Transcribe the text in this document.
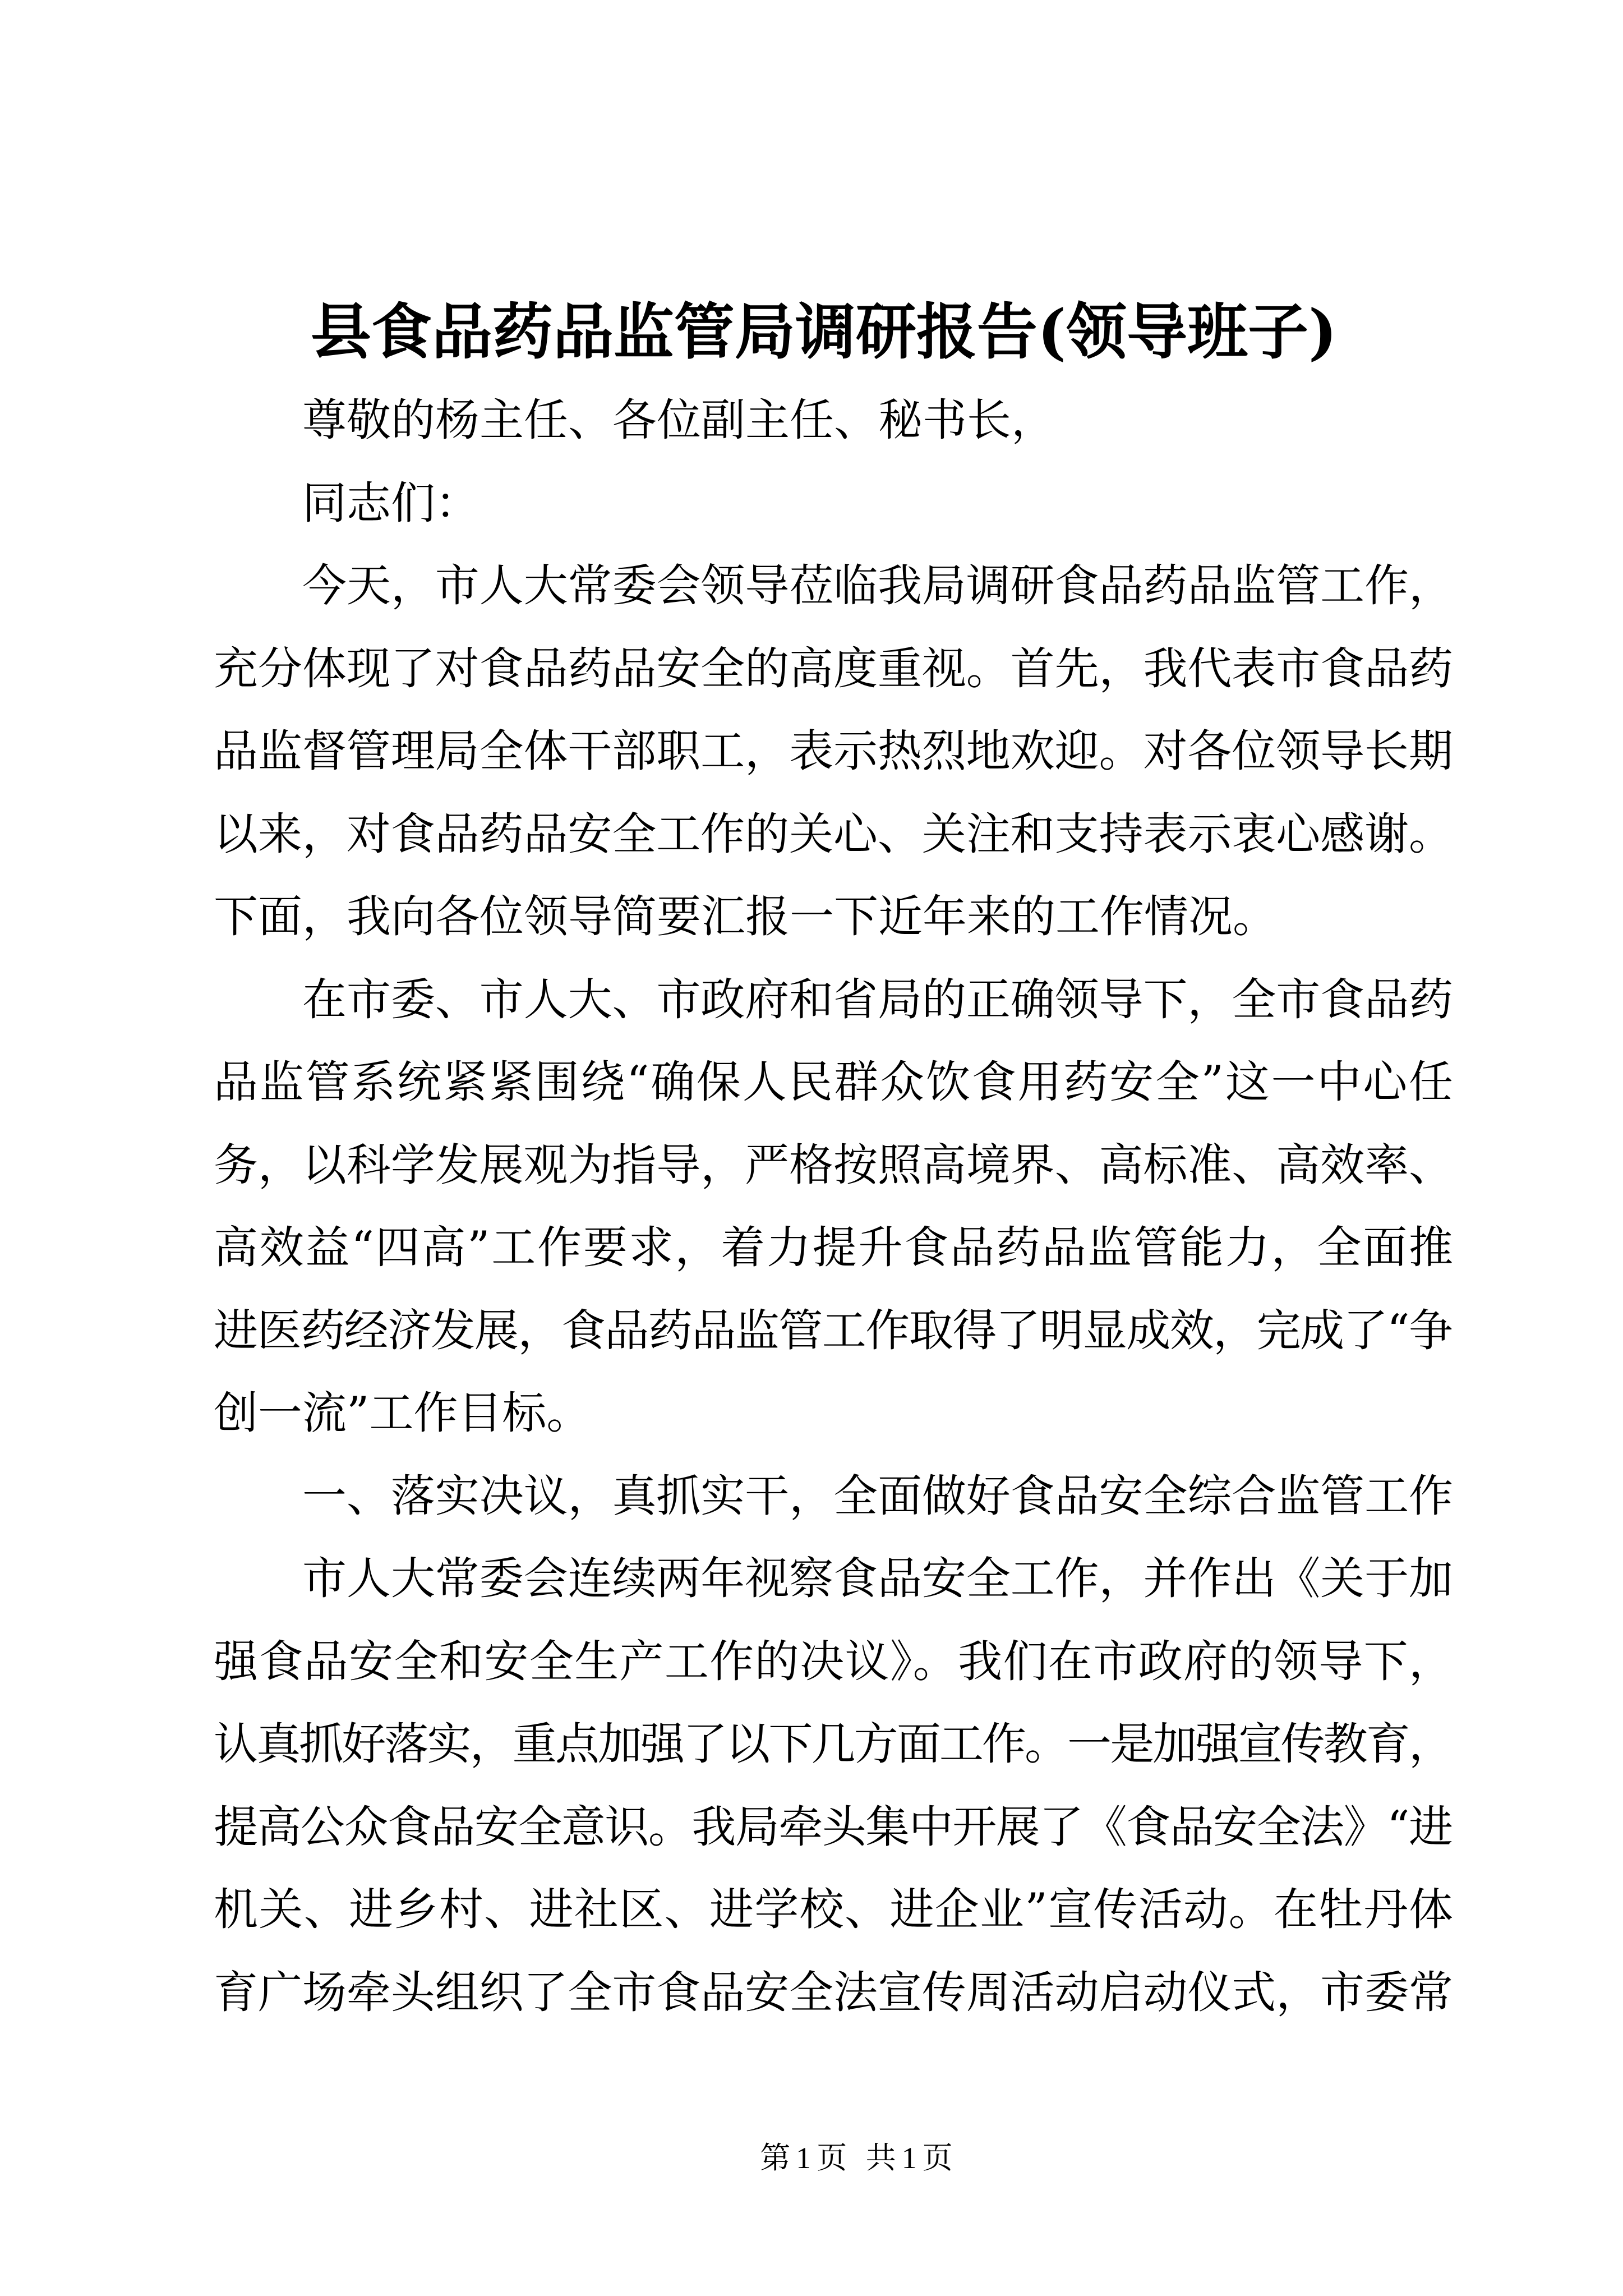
县食品药品监管局调研报告(领导班子)
尊敬的杨主任、各位副主任、秘书长，
同志们：
今天，市人大常委会领导莅临我局调研食品药品监管工作，
充分体现了对食品药品安全的高度重视。首先，我代表市食品药
品监督管理局全体干部职工，表示热烈地欢迎。对各位领导长期
以来，对食品药品安全工作的关心、关注和支持表示衷心感谢。
下面，我向各位领导简要汇报一下近年来的工作情况。
在市委、市人大、市政府和省局的正确领导下，全市食品药
品监管系统紧紧围绕“确保人民群众饮食用药安全”这一中心任
务，以科学发展观为指导，严格按照高境界、高标准、高效率、
高效益“四高”工作要求，着力提升食品药品监管能力，全面推
进医药经济发展，食品药品监管工作取得了明显成效，完成了“争
创一流”工作目标。
一、落实决议，真抓实干，全面做好食品安全综合监管工作
市人大常委会连续两年视察食品安全工作，并作出《关于加
强食品安全和安全生产工作的决议》。我们在市政府的领导下，
认真抓好落实，重点加强了以下几方面工作。一是加强宣传教育，
提高公众食品安全意识。我局牵头集中开展了《食品安全法》“进
机关、进乡村、进社区、进学校、进企业”宣传活动。在牡丹体
育广场牵头组织了全市食品安全法宣传周活动启动仪式，市委常
第1页 共1页
